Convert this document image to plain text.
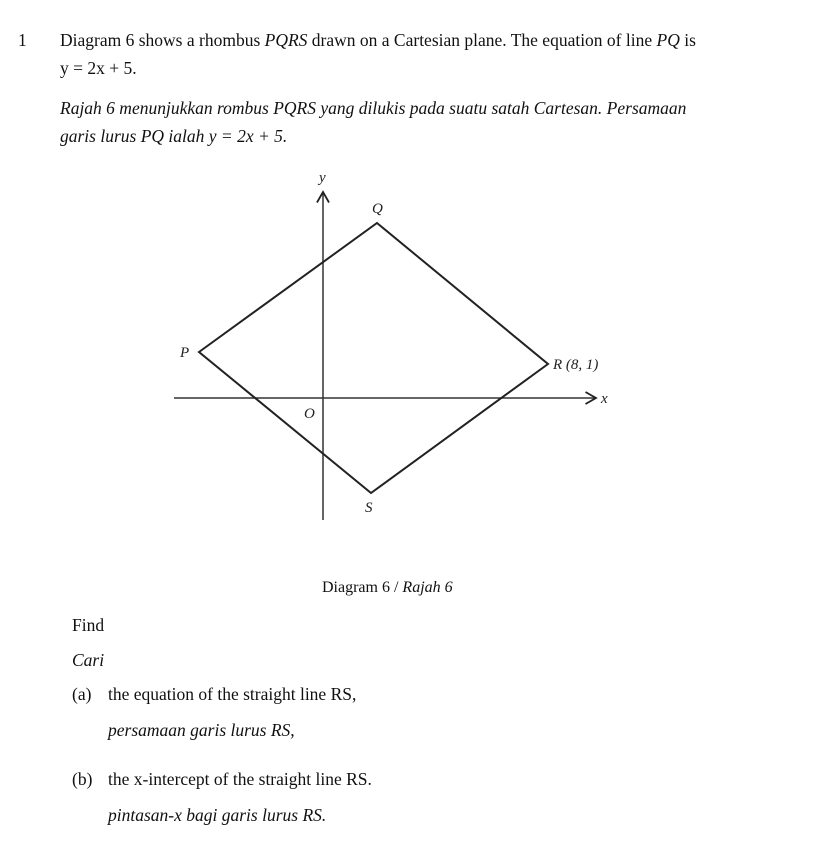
1 Diagram 6 shows a rhombus PQRS drawn on a Cartesian plane. The equation of line PQ is
y = 2x + 5.
Rajah 6 menunjukkan rombus PQRS yang dilukis pada suatu satah Cartesan. Persamaan
garis lurus PQ ialah y = 2x + 5.
y
x
O
P
Q
R (8, 1)
S
Diagram 6 / Rajah 6
Find
Cari
(a) the equation of the straight line RS,
persamaan garis lurus RS,
(b) the x-intercept of the straight line RS.
pintasan-x bagi garis lurus RS.
